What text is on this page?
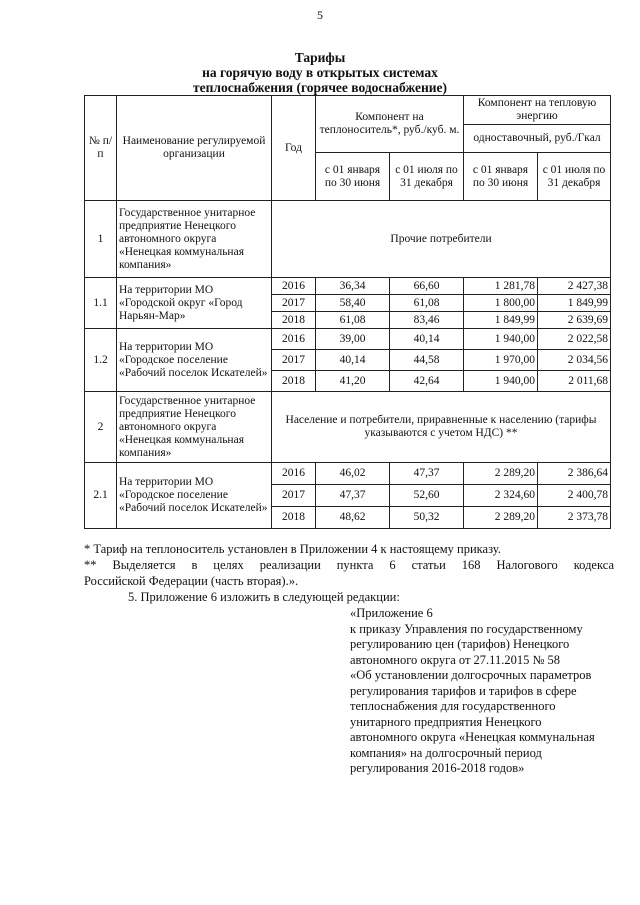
5
Тарифы
на горячую воду в открытых системах
теплоснабжения (горячее водоснабжение)
№ п/п	Наименование регулируемой организации	Год	Компонент на теплоноситель*, руб./куб. м.		Компонент на тепловую энергию	
					одноставочный, руб./Гкал	
			с 01 января по 30 июня	с 01 июля по 31 декабря	с 01 января по 30 июня	с 01 июля по 31 декабря
1	Государственное унитарное предприятие Ненецкого автономного округа «Ненецкая коммунальная компания»	Прочие потребители				
1.1	На территории МО «Городской округ «Город Нарьян-Мар»	2016	36,34	66,60	1 281,78	2 427,38
		2017	58,40	61,08	1 800,00	1 849,99
		2018	61,08	83,46	1 849,99	2 639,69
1.2	На территории МО «Городское поселение «Рабочий поселок Искателей»	2016	39,00	40,14	1 940,00	2 022,58
		2017	40,14	44,58	1 970,00	2 034,56
		2018	41,20	42,64	1 940,00	2 011,68
2	Государственное унитарное предприятие Ненецкого автономного округа «Ненецкая коммунальная компания»	Население и потребители, приравненные к населению (тарифы указываются с учетом НДС) **				
2.1	На территории МО «Городское поселение «Рабочий поселок Искателей»	2016	46,02	47,37	2 289,20	2 386,64
		2017	47,37	52,60	2 324,60	2 400,78
		2018	48,62	50,32	2 289,20	2 373,78

* Тариф на теплоноситель установлен в Приложении 4 к настоящему приказу.

** Выделяется в целях реализации пункта 6 статьи 168 Налогового кодекса

Российской Федерации (часть вторая).».

5. Приложение 6 изложить в следующей редакции:

«Приложение 6

к приказу Управления по государственному регулированию цен (тарифов) Ненецкого автономного округа от 27.11.2015 № 58

«Об установлении долгосрочных параметров регулирования тарифов и тарифов в сфере теплоснабжения для государственного унитарного предприятия Ненецкого автономного округа «Ненецкая коммунальная компания» на долгосрочный период регулирования 2016-2018 годов»
